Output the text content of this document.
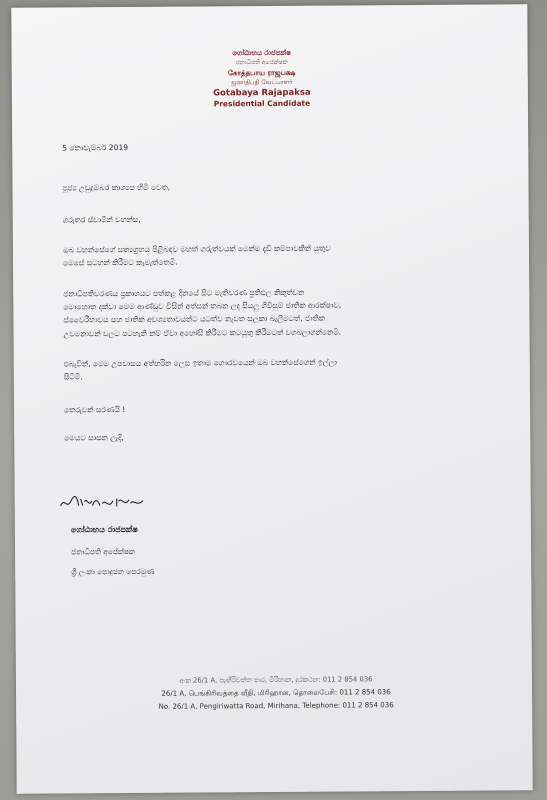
ගෝඨාභය රාජපක්ෂ
ජනාධිපති අපේක්ෂක
கோத்தபாய ராஜபக்ஷ
ஜனாதிபதி வேட்பாளர்
Gotabaya Rajapaksa
Presidential Candidate
5 නොවැම්බර් 2019
පූජ්‍ය උඩුදුම්බර කාශ්‍යප හිමි වෙත,
ගරුතර ස්වාමීන් වහන්ස,
ඔබ වහන්සේගේ සත්‍යග්‍රහය පිළිබඳව මහත් ගරුත්වයක් මෙන්ම දැඩි කම්පාවකින් යුතුව
මෙසේ සටහන් කිරීමට කැමැත්තෙමි.
ජනාධිපතිවරණය ප්‍රකාශයට පත්කළ දිනයේ සිට මැතිවරණ ප්‍රතිඵල නිකුත්වන
මොහොත දක්වා මෙම ආණ්ඩුව විසින් අත්සන් තබන ලද සියලු ගිවිසුම් ජාතික ආරක්ෂාව,
ස්වෛරීභාවය සහ ජාතික අවශ්‍යතාවයන්ට යටත්ව නැවත සලකා බැලීමටත්, ජාතික
උවමනාවන් වලට පටහැනි නම් ඒවා අහෝසි කිරීමට කටයුතු කිරීමටත් වගබලාගන්නෙමි.
එබැවින්, මෙම උපවාසය අත්හරින ලෙස ඉතාම ගෞරවයෙන් ඔබ වහන්සේගෙන් ඉල්ලා
සිටිමි.
තෙරුවන් සරණයි !
මෙයට සාසන ලැදි,
ගෝඨාභය රාජපක්ෂ
ජනාධිපති අපේක්ෂක
ශ්‍රී ලංකා පොදුජන පෙරමුණ
අංක 26/1 A, පැඟිරිවත්ත පාර, මිරිහාන, දුරකථන: 011 2 854 036
26/1 A, பெங்கிரிவத்தை வீதி, மிரிஹான, தொலைபேசி: 011 2 854 036
No. 26/1 A, Pengiriwatta Road, Mirihana, Telephone: 011 2 854 036
